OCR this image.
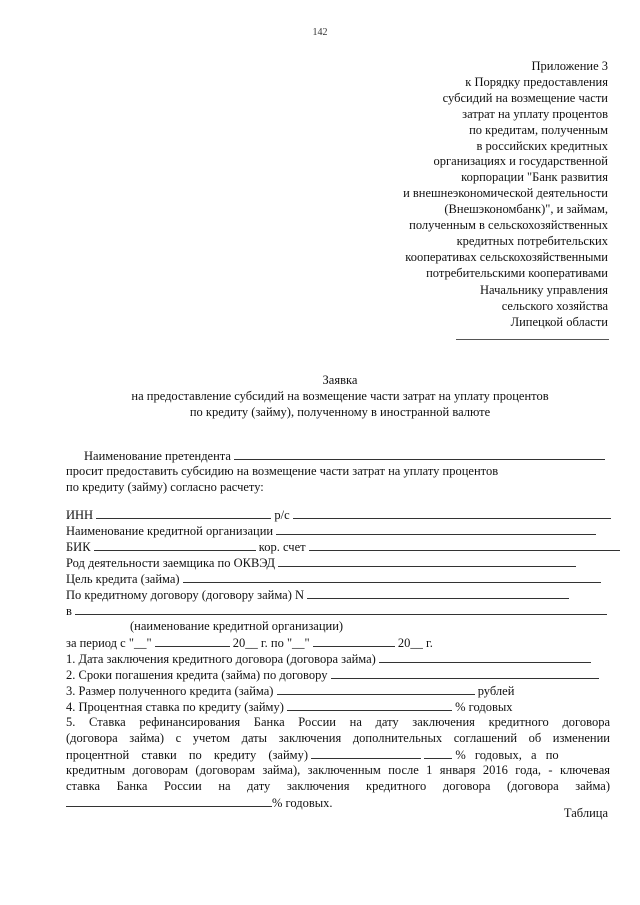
142
Приложение 3
к Порядку предоставления
субсидий на возмещение части
затрат на уплату процентов
по кредитам, полученным
в российских кредитных
организациях и государственной
корпорации "Банк развития
и внешнеэкономической деятельности
(Внешэкономбанк)", и займам,
полученным в сельскохозяйственных
кредитных потребительских
кооперативах сельскохозяйственными
потребительскими кооперативами
Начальнику управления
сельского хозяйства
Липецкой области
Заявка
на предоставление субсидий на возмещение части затрат на уплату процентов
по кредиту (займу), полученному в иностранной валюте
Наименование претендента
просит предоставить субсидию на возмещение части затрат на уплату процентов
по кредиту (займу) согласно расчету:
ИНН	р/с
Наименование кредитной организации
БИК	кор. счет
Род деятельности заемщика по ОКВЭД
Цель кредита (займа)
По кредитному договору (договору займа) N
в
(наименование кредитной организации)
за период с "__"	20__ г. по "__"	20__ г.
1. Дата заключения кредитного договора (договора займа)
2. Сроки погашения кредита (займа) по договору
3. Размер полученного кредита (займа)	рублей
4. Процентная ставка по кредиту (займу)	% годовых
5. Ставка рефинансирования Банка России на дату заключения кредитного договора
(договора займа) с учетом даты заключения дополнительных соглашений об изменении
процентной ставки по кредиту (займу)	% годовых, а по
кредитным договорам (договорам займа), заключенным после 1 января 2016 года, - ключевая
ставка Банка России на дату заключения кредитного договора (договора займа)
% годовых.
Таблица
